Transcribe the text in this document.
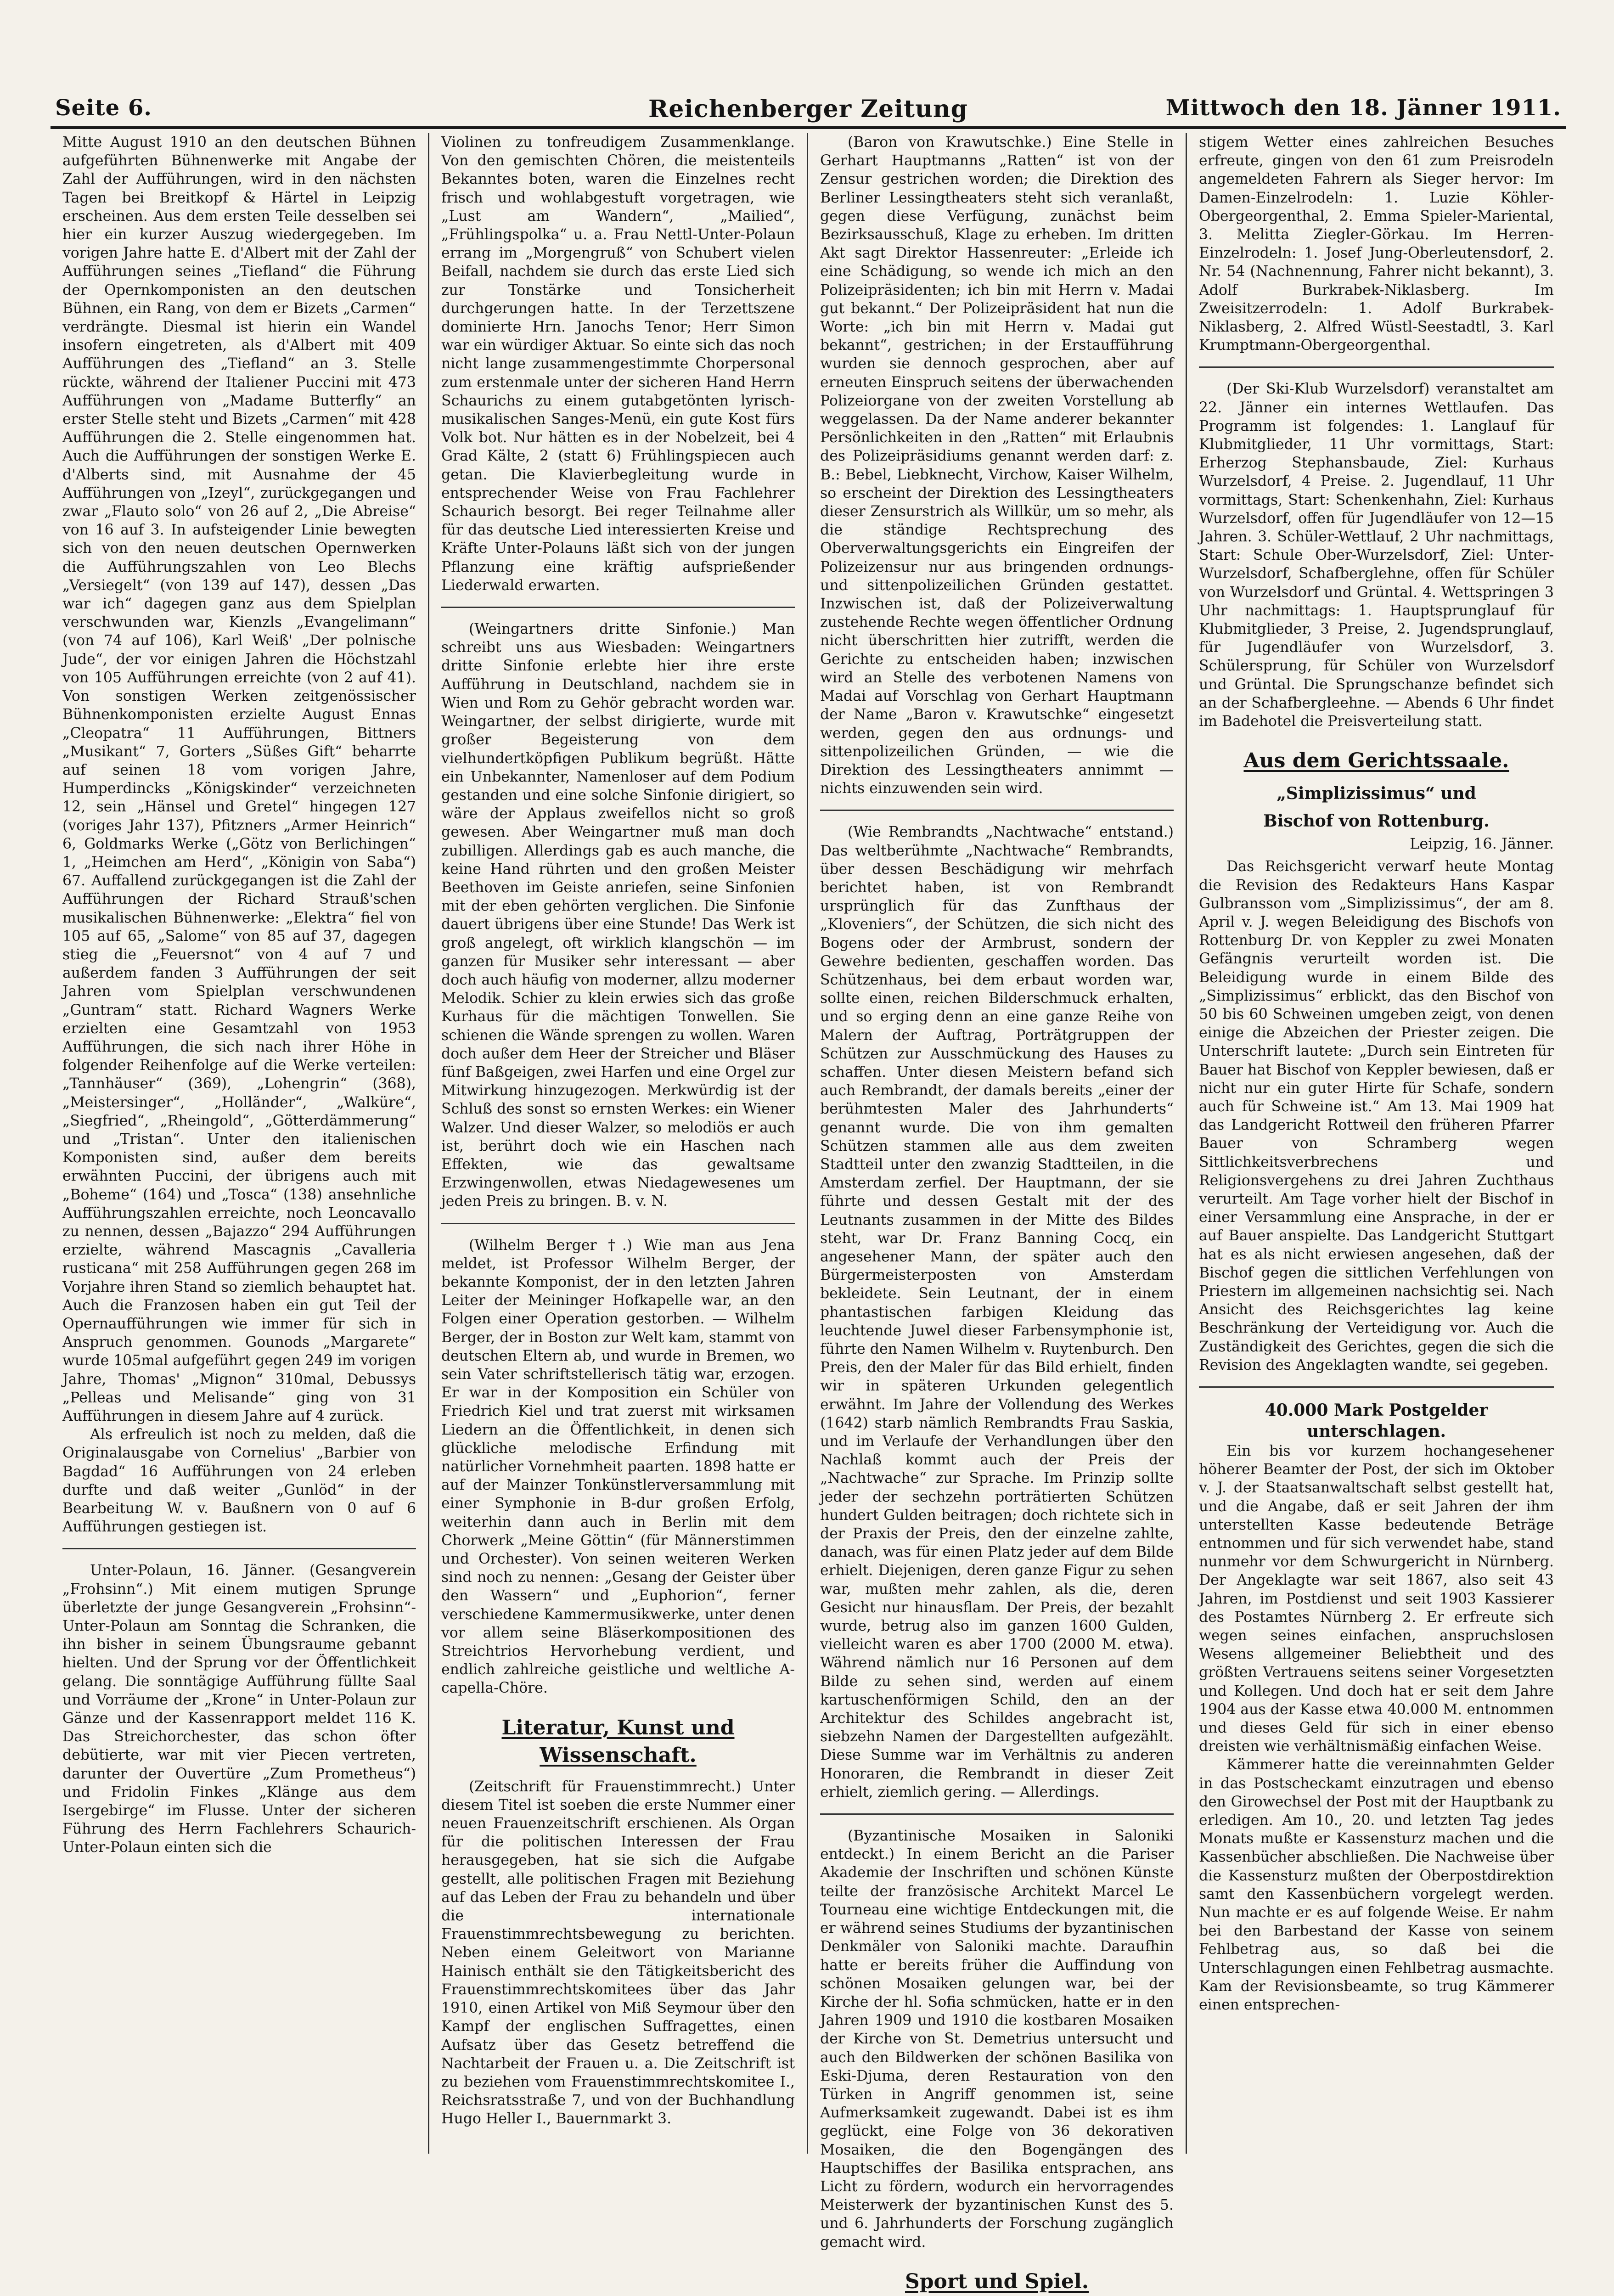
Seite 6.	Reichenberger Zeitung	Mittwoch den 18. Jänner 1911.

Mitte August 1910 an den deutschen Bühnen aufgeführten Bühnenwerke mit Angabe der Zahl der Aufführungen, wird in den nächsten Tagen bei Breitkopf & Härtel in Leipzig erscheinen. Aus dem ersten Teile desselben sei hier ein kurzer Auszug wiedergegeben. Im vorigen Jahre hatte E. d'Albert mit der Zahl der Aufführungen seines „Tiefland“ die Führung der Opernkomponisten an den deutschen Bühnen, ein Rang, von dem er Bizets „Carmen“ verdrängte. Diesmal ist hierin ein Wandel insofern eingetreten, als d'Albert mit 409 Aufführungen des „Tiefland“ an 3. Stelle rückte, während der Italiener Puccini mit 473 Aufführungen von „Madame Butterfly“ an erster Stelle steht und Bizets „Carmen“ mit 428 Aufführungen die 2. Stelle eingenommen hat. Auch die Aufführungen der sonstigen Werke E. d'Alberts sind, mit Ausnahme der 45 Aufführungen von „Izeyl“, zurückgegangen und zwar „Flauto solo“ von 26 auf 2, „Die Abreise“ von 16 auf 3. In aufsteigender Linie bewegten sich von den neuen deutschen Opernwerken die Aufführungszahlen von Leo Blechs „Versiegelt“ (von 139 auf 147), dessen „Das war ich“ dagegen ganz aus dem Spielplan verschwunden war, Kienzls „Evangelimann“ (von 74 auf 106), Karl Weiß' „Der polnische Jude“, der vor einigen Jahren die Höchstzahl von 105 Aufführungen erreichte (von 2 auf 41). Von sonstigen Werken zeitgenössischer Bühnenkomponisten erzielte August Ennas „Cleopatra“ 11 Aufführungen, Bittners „Musikant“ 7, Gorters „Süßes Gift“ beharrte auf seinen 18 vom vorigen Jahre, Humperdincks „Königskinder“ verzeichneten 12, sein „Hänsel und Gretel“ hingegen 127 (voriges Jahr 137), Pfitzners „Armer Heinrich“ 6, Goldmarks Werke („Götz von Berlichingen“ 1, „Heimchen am Herd“, „Königin von Saba“) 67. Auffallend zurückgegangen ist die Zahl der Aufführungen der Richard Strauß'schen musikalischen Bühnenwerke: „Elektra“ fiel von 105 auf 65, „Salome“ von 85 auf 37, dagegen stieg die „Feuersnot“ von 4 auf 7 und außerdem fanden 3 Aufführungen der seit Jahren vom Spielplan verschwundenen „Guntram“ statt. Richard Wagners Werke erzielten eine Gesamtzahl von 1953 Aufführungen, die sich nach ihrer Höhe in folgender Reihenfolge auf die Werke verteilen: „Tannhäuser“ (369), „Lohengrin“ (368), „Meistersinger“, „Holländer“, „Walküre“, „Siegfried“, „Rheingold“, „Götterdämmerung“ und „Tristan“. Unter den italienischen Komponisten sind, außer dem bereits erwähnten Puccini, der übrigens auch mit „Boheme“ (164) und „Tosca“ (138) ansehnliche Aufführungszahlen erreichte, noch Leoncavallo zu nennen, dessen „Bajazzo“ 294 Aufführungen erzielte, während Mascagnis „Cavalleria rusticana“ mit 258 Aufführungen gegen 268 im Vorjahre ihren Stand so ziemlich behauptet hat. Auch die Franzosen haben ein gut Teil der Opernaufführungen wie immer für sich in Anspruch genommen. Gounods „Margarete“ wurde 105mal aufgeführt gegen 249 im vorigen Jahre, Thomas' „Mignon“ 310mal, Debussys „Pelleas und Melisande“ ging von 31 Aufführungen in diesem Jahre auf 4 zurück.

Als erfreulich ist noch zu melden, daß die Originalausgabe von Cornelius' „Barbier von Bagdad“ 16 Aufführungen von 24 erleben durfte und daß weiter „Gunlöd“ in der Bearbeitung W. v. Baußnern von 0 auf 6 Aufführungen gestiegen ist.

Unter-Polaun, 16. Jänner. (Gesangverein „Frohsinn“.) Mit einem mutigen Sprunge überletzte der junge Gesangverein „Frohsinn“-Unter-Polaun am Sonntag die Schranken, die ihn bisher in seinem Übungsraume gebannt hielten. Und der Sprung vor der Öffentlichkeit gelang. Die sonntägige Aufführung füllte Saal und Vorräume der „Krone“ in Unter-Polaun zur Gänze und der Kassenrapport meldet 116 K. Das Streichorchester, das schon öfter debütierte, war mit vier Piecen vertreten, darunter der Ouvertüre „Zum Prometheus“) und Fridolin Finkes „Klänge aus dem Isergebirge“ im Flusse. Unter der sicheren Führung des Herrn Fachlehrers Schaurich-Unter-Polaun einten sich die

Violinen zu tonfreudigem Zusammenklange. Von den gemischten Chören, die meistenteils Bekanntes boten, waren die Einzelnes recht frisch und wohlabgestuft vorgetragen, wie „Lust am Wandern“, „Mailied“, „Frühlingspolka“ u. a. Frau Nettl-Unter-Polaun errang im „Morgengruß“ von Schubert vielen Beifall, nachdem sie durch das erste Lied sich zur Tonstärke und Tonsicherheit durchgerungen hatte. In der Terzettszene dominierte Hrn. Janochs Tenor; Herr Simon war ein würdiger Aktuar. So einte sich das noch nicht lange zusammengestimmte Chorpersonal zum erstenmale unter der sicheren Hand Herrn Schaurichs zu einem gutabgetönten lyrisch-musikalischen Sanges-Menü, ein gute Kost fürs Volk bot. Nur hätten es in der Nobelzeit, bei 4 Grad Kälte, 2 (statt 6) Frühlingspiecen auch getan. Die Klavierbegleitung wurde in entsprechender Weise von Frau Fachlehrer Schaurich besorgt. Bei reger Teilnahme aller für das deutsche Lied interessierten Kreise und Kräfte Unter-Polauns läßt sich von der jungen Pflanzung eine kräftig aufsprießender Liederwald erwarten.

(Weingartners dritte Sinfonie.) Man schreibt uns aus Wiesbaden: Weingartners dritte Sinfonie erlebte hier ihre erste Aufführung in Deutschland, nachdem sie in Wien und Rom zu Gehör gebracht worden war. Weingartner, der selbst dirigierte, wurde mit großer Begeisterung von dem vielhundertköpfigen Publikum begrüßt. Hätte ein Unbekannter, Namenloser auf dem Podium gestanden und eine solche Sinfonie dirigiert, so wäre der Applaus zweifellos nicht so groß gewesen. Aber Weingartner muß man doch zubilligen. Allerdings gab es auch manche, die keine Hand rührten und den großen Meister Beethoven im Geiste anriefen, seine Sinfonien mit der eben gehörten verglichen. Die Sinfonie dauert übrigens über eine Stunde! Das Werk ist groß angelegt, oft wirklich klangschön — im ganzen für Musiker sehr interessant — aber doch auch häufig von moderner, allzu moderner Melodik. Schier zu klein erwies sich das große Kurhaus für die mächtigen Tonwellen. Sie schienen die Wände sprengen zu wollen. Waren doch außer dem Heer der Streicher und Bläser fünf Baßgeigen, zwei Harfen und eine Orgel zur Mitwirkung hinzugezogen. Merkwürdig ist der Schluß des sonst so ernsten Werkes: ein Wiener Walzer. Und dieser Walzer, so melodiös er auch ist, berührt doch wie ein Haschen nach Effekten, wie das gewaltsame Erzwingenwollen, etwas Niedagewesenes um jeden Preis zu bringen. B. v. N.

(Wilhelm Berger †.) Wie man aus Jena meldet, ist Professor Wilhelm Berger, der bekannte Komponist, der in den letzten Jahren Leiter der Meininger Hofkapelle war, an den Folgen einer Operation gestorben. — Wilhelm Berger, der in Boston zur Welt kam, stammt von deutschen Eltern ab, und wurde in Bremen, wo sein Vater schriftstellerisch tätig war, erzogen. Er war in der Komposition ein Schüler von Friedrich Kiel und trat zuerst mit wirksamen Liedern an die Öffentlichkeit, in denen sich glückliche melodische Erfindung mit natürlicher Vornehmheit paarten. 1898 hatte er auf der Mainzer Tonkünstlerversammlung mit einer Symphonie in B-dur großen Erfolg, weiterhin dann auch in Berlin mit dem Chorwerk „Meine Göttin“ (für Männerstimmen und Orchester). Von seinen weiteren Werken sind noch zu nennen: „Gesang der Geister über den Wassern“ und „Euphorion“, ferner verschiedene Kammermusikwerke, unter denen vor allem seine Bläserkompositionen des Streichtrios Hervorhebung verdient, und endlich zahlreiche geistliche und weltliche A-capella-Chöre.

Literatur, Kunst und Wissenschaft.

(Zeitschrift für Frauenstimmrecht.) Unter diesem Titel ist soeben die erste Nummer einer neuen Frauenzeitschrift erschienen. Als Organ für die politischen Interessen der Frau herausgegeben, hat sie sich die Aufgabe gestellt, alle politischen Fragen mit Beziehung auf das Leben der Frau zu behandeln und über die internationale Frauenstimmrechtsbewegung zu berichten. Neben einem Geleitwort von Marianne Hainisch enthält sie den Tätigkeitsbericht des Frauenstimmrechtskomitees über das Jahr 1910, einen Artikel von Miß Seymour über den Kampf der englischen Suffragettes, einen Aufsatz über das Gesetz betreffend die Nachtarbeit der Frauen u. a. Die Zeitschrift ist zu beziehen vom Frauenstimmrechtskomitee I., Reichsratsstraße 7, und von der Buchhandlung Hugo Heller I., Bauernmarkt 3.

(Baron von Krawutschke.) Eine Stelle in Gerhart Hauptmanns „Ratten“ ist von der Zensur gestrichen worden; die Direktion des Berliner Lessingtheaters steht sich veranlaßt, gegen diese Verfügung, zunächst beim Bezirksausschuß, Klage zu erheben. Im dritten Akt sagt Direktor Hassenreuter: „Erleide ich eine Schädigung, so wende ich mich an den Polizeipräsidenten; ich bin mit Herrn v. Madai gut bekannt.“ Der Polizeipräsident hat nun die Worte: „ich bin mit Herrn v. Madai gut bekannt“, gestrichen; in der Erstaufführung wurden sie dennoch gesprochen, aber auf erneuten Einspruch seitens der überwachenden Polizeiorgane von der zweiten Vorstellung ab weggelassen. Da der Name anderer bekannter Persönlichkeiten in den „Ratten“ mit Erlaubnis des Polizeipräsidiums genannt werden darf: z. B.: Bebel, Liebknecht, Virchow, Kaiser Wilhelm, so erscheint der Direktion des Lessingtheaters dieser Zensurstrich als Willkür, um so mehr, als die ständige Rechtsprechung des Oberverwaltungsgerichts ein Eingreifen der Polizeizensur nur aus bringenden ordnungs- und sittenpolizeilichen Gründen gestattet. Inzwischen ist, daß der Polizeiverwaltung zustehende Rechte wegen öffentlicher Ordnung nicht überschritten hier zutrifft, werden die Gerichte zu entscheiden haben; inzwischen wird an Stelle des verbotenen Namens von Madai auf Vorschlag von Gerhart Hauptmann der Name „Baron v. Krawutschke“ eingesetzt werden, gegen den aus ordnungs- und sittenpolizeilichen Gründen, — wie die Direktion des Lessingtheaters annimmt — nichts einzuwenden sein wird.

(Wie Rembrandts „Nachtwache“ entstand.) Das weltberühmte „Nachtwache“ Rembrandts, über dessen Beschädigung wir mehrfach berichtet haben, ist von Rembrandt ursprünglich für das Zunfthaus der „Kloveniers“, der Schützen, die sich nicht des Bogens oder der Armbrust, sondern der Gewehre bedienten, geschaffen worden. Das Schützenhaus, bei dem erbaut worden war, sollte einen, reichen Bilderschmuck erhalten, und so erging denn an eine ganze Reihe von Malern der Auftrag, Porträtgruppen der Schützen zur Ausschmückung des Hauses zu schaffen. Unter diesen Meistern befand sich auch Rembrandt, der damals bereits „einer der berühmtesten Maler des Jahrhunderts“ genannt wurde. Die von ihm gemalten Schützen stammen alle aus dem zweiten Stadtteil unter den zwanzig Stadtteilen, in die Amsterdam zerfiel. Der Hauptmann, der sie führte und dessen Gestalt mit der des Leutnants zusammen in der Mitte des Bildes steht, war Dr. Franz Banning Cocq, ein angesehener Mann, der später auch den Bürgermeisterposten von Amsterdam bekleidete. Sein Leutnant, der in einem phantastischen farbigen Kleidung das leuchtende Juwel dieser Farbensymphonie ist, führte den Namen Wilhelm v. Ruytenburch. Den Preis, den der Maler für das Bild erhielt, finden wir in späteren Urkunden gelegentlich erwähnt. Im Jahre der Vollendung des Werkes (1642) starb nämlich Rembrandts Frau Saskia, und im Verlaufe der Verhandlungen über den Nachlaß kommt auch der Preis der „Nachtwache“ zur Sprache. Im Prinzip sollte jeder der sechzehn porträtierten Schützen hundert Gulden beitragen; doch richtete sich in der Praxis der Preis, den der einzelne zahlte, danach, was für einen Platz jeder auf dem Bilde erhielt. Diejenigen, deren ganze Figur zu sehen war, mußten mehr zahlen, als die, deren Gesicht nur hinausflam. Der Preis, der bezahlt wurde, betrug also im ganzen 1600 Gulden, vielleicht waren es aber 1700 (2000 M. etwa). Während nämlich nur 16 Personen auf dem Bilde zu sehen sind, werden auf einem kartuschenförmigen Schild, den an der Architektur des Schildes angebracht ist, siebzehn Namen der Dargestellten aufgezählt. Diese Summe war im Verhältnis zu anderen Honoraren, die Rembrandt in dieser Zeit erhielt, ziemlich gering. — Allerdings.

(Byzantinische Mosaiken in Saloniki entdeckt.) In einem Bericht an die Pariser Akademie der Inschriften und schönen Künste teilte der französische Architekt Marcel Le Tourneau eine wichtige Entdeckungen mit, die er während seines Studiums der byzantinischen Denkmäler von Saloniki machte. Daraufhin hatte er bereits früher die Auffindung von schönen Mosaiken gelungen war, bei der Kirche der hl. Sofia schmücken, hatte er in den Jahren 1909 und 1910 die kostbaren Mosaiken der Kirche von St. Demetrius untersucht und auch den Bildwerken der schönen Basilika von Eski-Djuma, deren Restauration von den Türken in Angriff genommen ist, seine Aufmerksamkeit zugewandt. Dabei ist es ihm geglückt, eine Folge von 36 dekorativen Mosaiken, die den Bogengängen des Hauptschiffes der Basilika entsprachen, ans Licht zu fördern, wodurch ein hervorragendes Meisterwerk der byzantinischen Kunst des 5. und 6. Jahrhunderts der Forschung zugänglich gemacht wird.

Sport und Spiel.

stigem Wetter eines zahlreichen Besuches erfreute, gingen von den 61 zum Preisrodeln angemeldeten Fahrern als Sieger hervor: Im Damen-Einzelrodeln: 1. Luzie Köhler-Obergeorgenthal, 2. Emma Spieler-Mariental, 3. Melitta Ziegler-Görkau. Im Herren-Einzelrodeln: 1. Josef Jung-Oberleutensdorf, 2. Nr. 54 (Nachnennung, Fahrer nicht bekannt), 3. Adolf Burkrabek-Niklasberg. Im Zweisitzerrodeln: 1. Adolf Burkrabek-Niklasberg, 2. Alfred Wüstl-Seestadtl, 3. Karl Krumptmann-Obergeorgenthal.

(Der Ski-Klub Wurzelsdorf) veranstaltet am 22. Jänner ein internes Wettlaufen. Das Programm ist folgendes: 1. Langlauf für Klubmitglieder, 11 Uhr vormittags, Start: Erherzog Stephansbaude, Ziel: Kurhaus Wurzelsdorf, 4 Preise. 2. Jugendlauf, 11 Uhr vormittags, Start: Schenkenhahn, Ziel: Kurhaus Wurzelsdorf, offen für Jugendläufer von 12—15 Jahren. 3. Schüler-Wettlauf, 2 Uhr nachmittags, Start: Schule Ober-Wurzelsdorf, Ziel: Unter-Wurzelsdorf, Schafberglehne, offen für Schüler von Wurzelsdorf und Grüntal. 4. Wettspringen 3 Uhr nachmittags: 1. Hauptsprunglauf für Klubmitglieder, 3 Preise, 2. Jugendsprunglauf, für Jugendläufer von Wurzelsdorf, 3. Schülersprung, für Schüler von Wurzelsdorf und Grüntal. Die Sprungschanze befindet sich an der Schafbergleehne. — Abends 6 Uhr findet im Badehotel die Preisverteilung statt.

Aus dem Gerichtssaale.
„Simplizissimus“ und
Bischof von Rottenburg.
Leipzig, 16. Jänner.

Das Reichsgericht verwarf heute Montag die Revision des Redakteurs Hans Kaspar Gulbransson vom „Simplizissimus“, der am 8. April v. J. wegen Beleidigung des Bischofs von Rottenburg Dr. von Keppler zu zwei Monaten Gefängnis verurteilt worden ist. Die Beleidigung wurde in einem Bilde des „Simplizissimus“ erblickt, das den Bischof von 50 bis 60 Schweinen umgeben zeigt, von denen einige die Abzeichen der Priester zeigen. Die Unterschrift lautete: „Durch sein Eintreten für Bauer hat Bischof von Keppler bewiesen, daß er nicht nur ein guter Hirte für Schafe, sondern auch für Schweine ist.“ Am 13. Mai 1909 hat das Landgericht Rottweil den früheren Pfarrer Bauer von Schramberg wegen Sittlichkeitsverbrechens und Religionsvergehens zu drei Jahren Zuchthaus verurteilt. Am Tage vorher hielt der Bischof in einer Versammlung eine Ansprache, in der er auf Bauer anspielte. Das Landgericht Stuttgart hat es als nicht erwiesen angesehen, daß der Bischof gegen die sittlichen Verfehlungen von Priestern im allgemeinen nachsichtig sei. Nach Ansicht des Reichsgerichtes lag keine Beschränkung der Verteidigung vor. Auch die Zuständigkeit des Gerichtes, gegen die sich die Revision des Angeklagten wandte, sei gegeben.

40.000 Mark Postgelder unterschlagen.

Ein bis vor kurzem hochangesehener höherer Beamter der Post, der sich im Oktober v. J. der Staatsanwaltschaft selbst gestellt hat, und die Angabe, daß er seit Jahren der ihm unterstellten Kasse bedeutende Beträge entnommen und für sich verwendet habe, stand nunmehr vor dem Schwurgericht in Nürnberg. Der Angeklagte war seit 1867, also seit 43 Jahren, im Postdienst und seit 1903 Kassierer des Postamtes Nürnberg 2. Er erfreute sich wegen seines einfachen, anspruchslosen Wesens allgemeiner Beliebtheit und des größten Vertrauens seitens seiner Vorgesetzten und Kollegen. Und doch hat er seit dem Jahre 1904 aus der Kasse etwa 40.000 M. entnommen und dieses Geld für sich in einer ebenso dreisten wie verhältnismäßig einfachen Weise.

Kämmerer hatte die vereinnahmten Gelder in das Postscheckamt einzutragen und ebenso den Girowechsel der Post mit der Hauptbank zu erledigen. Am 10., 20. und letzten Tag jedes Monats mußte er Kassensturz machen und die Kassenbücher abschließen. Die Nachweise über die Kassensturz mußten der Oberpostdirektion samt den Kassenbüchern vorgelegt werden. Nun machte er es auf folgende Weise. Er nahm bei den Barbestand der Kasse von seinem Fehlbetrag aus, so daß bei die Unterschlagungen einen Fehlbetrag ausmachte. Kam der Revisionsbeamte, so trug Kämmerer einen entsprechen-
